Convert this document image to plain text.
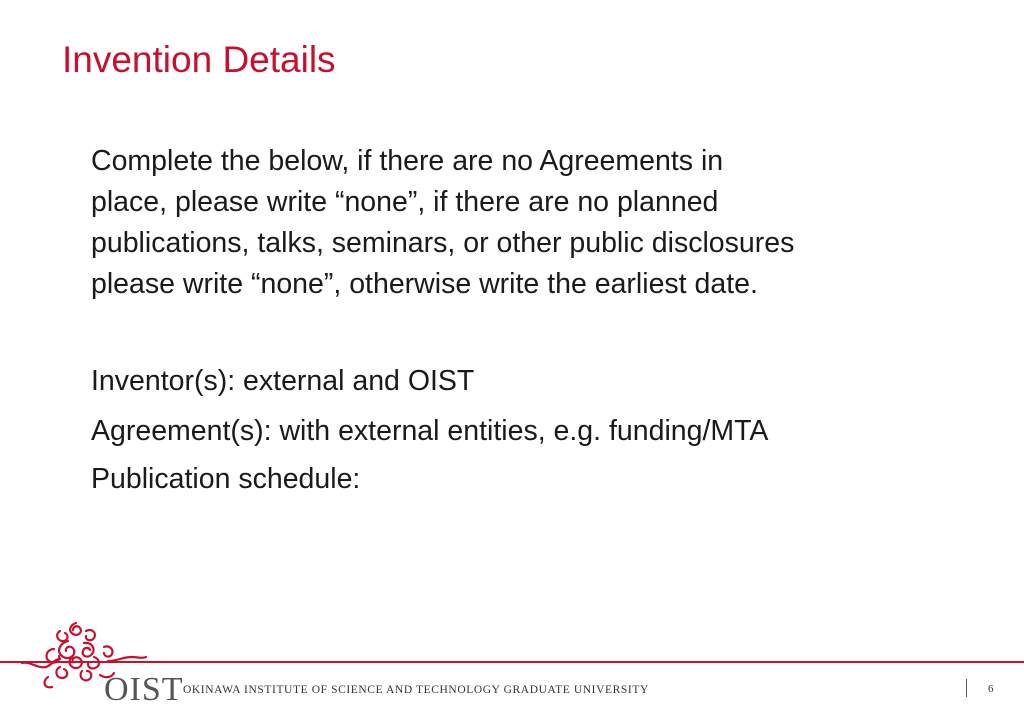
Invention Details

Complete the below, if there are no Agreements in
place, please write “none”, if there are no planned
publications, talks, seminars, or other public disclosures
please write “none”, otherwise write the earliest date.

Inventor(s): external and OIST

Agreement(s): with external entities, e.g. funding/MTA

Publication schedule:

OIST OKINAWA INSTITUTE OF SCIENCE AND TECHNOLOGY GRADUATE UNIVERSITY	6
